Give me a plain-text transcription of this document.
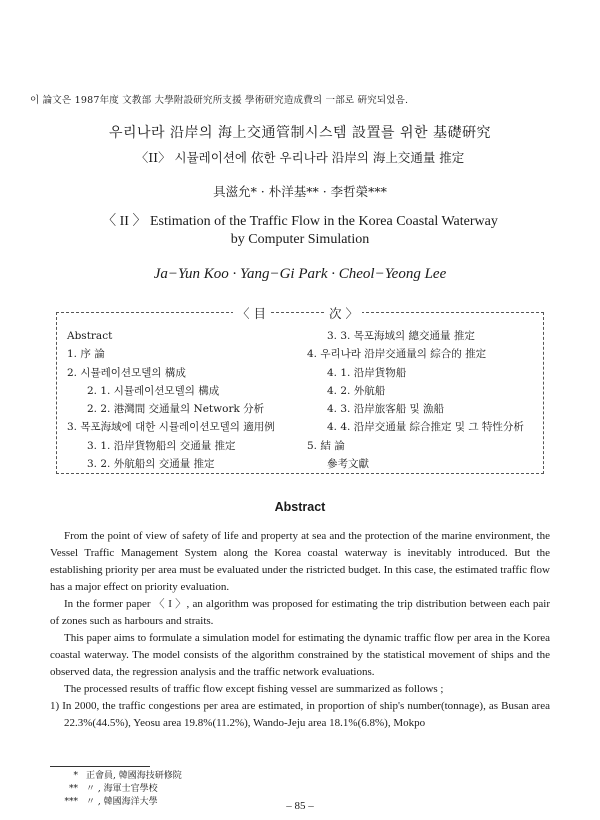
이 論文은 1987年度 文教部 大學附設研究所支援 學術研究造成費의 一部로 硏究되었음.
우리나라 沿岸의 海上交通管制시스템 設置를 위한 基礎硏究
〈II〉 시뮬레이션에 依한 우리나라 沿岸의 海上交通量 推定
具滋允* · 朴洋基** · 李哲榮***
〈 II 〉 Estimation of the Traffic Flow in the Korea Coastal Waterway
by Computer Simulation
Ja−Yun Koo · Yang−Gi Park · Cheol−Yeong Lee
〈 目	次 〉
Abstract
1. 序 論
2. 시뮬레이션모델의 構成
2. 1. 시뮬레이션모델의 構成
2. 2. 港灣間 交通量의 Network 分析
3. 목포海域에 대한 시뮬레이션모델의 適用例
3. 1. 沿岸貨物船의 交通量 推定
3. 2. 外航船의 交通量 推定
3. 3. 목포海域의 總交通量 推定
4. 우리나라 沿岸交通量의 綜合的 推定
4. 1. 沿岸貨物船
4. 2. 外航船
4. 3. 沿岸旅客船 및 漁船
4. 4. 沿岸交通量 綜合推定 및 그 特性分析
5. 結 論
參考文獻
Abstract

From the point of view of safety of life and property at sea and the protection of the marine environment, the Vessel Traffic Management System along the Korea coastal waterway is inevitably introduced. But the establishing priority per area must be evaluated under the ristricted budget. In this case, the estimated traffic flow has a major effect on priority evaluation.

In the former paper 〈 I 〉, an algorithm was proposed for estimating the trip distribution between each pair of zones such as harbours and straits.

This paper aims to formulate a simulation model for estimating the dynamic traffic flow per area in the Korea coastal waterway. The model consists of the algorithm constrained by the statistical movement of ships and the observed data, the regression analysis and the traffic network evaluations.

The processed results of traffic flow except fishing vessel are summarized as follows ;

1) In 2000, the traffic congestions per area are estimated, in proportion of ship's number(tonnage), as Busan area 22.3%(44.5%), Yeosu area 19.8%(11.2%), Wando-Jeju area 18.1%(6.8%), Mokpo

* 正會員, 韓國海技研修院
** 〃 , 海軍士官學校
*** 〃 , 韓國海洋大學	– 85 –
